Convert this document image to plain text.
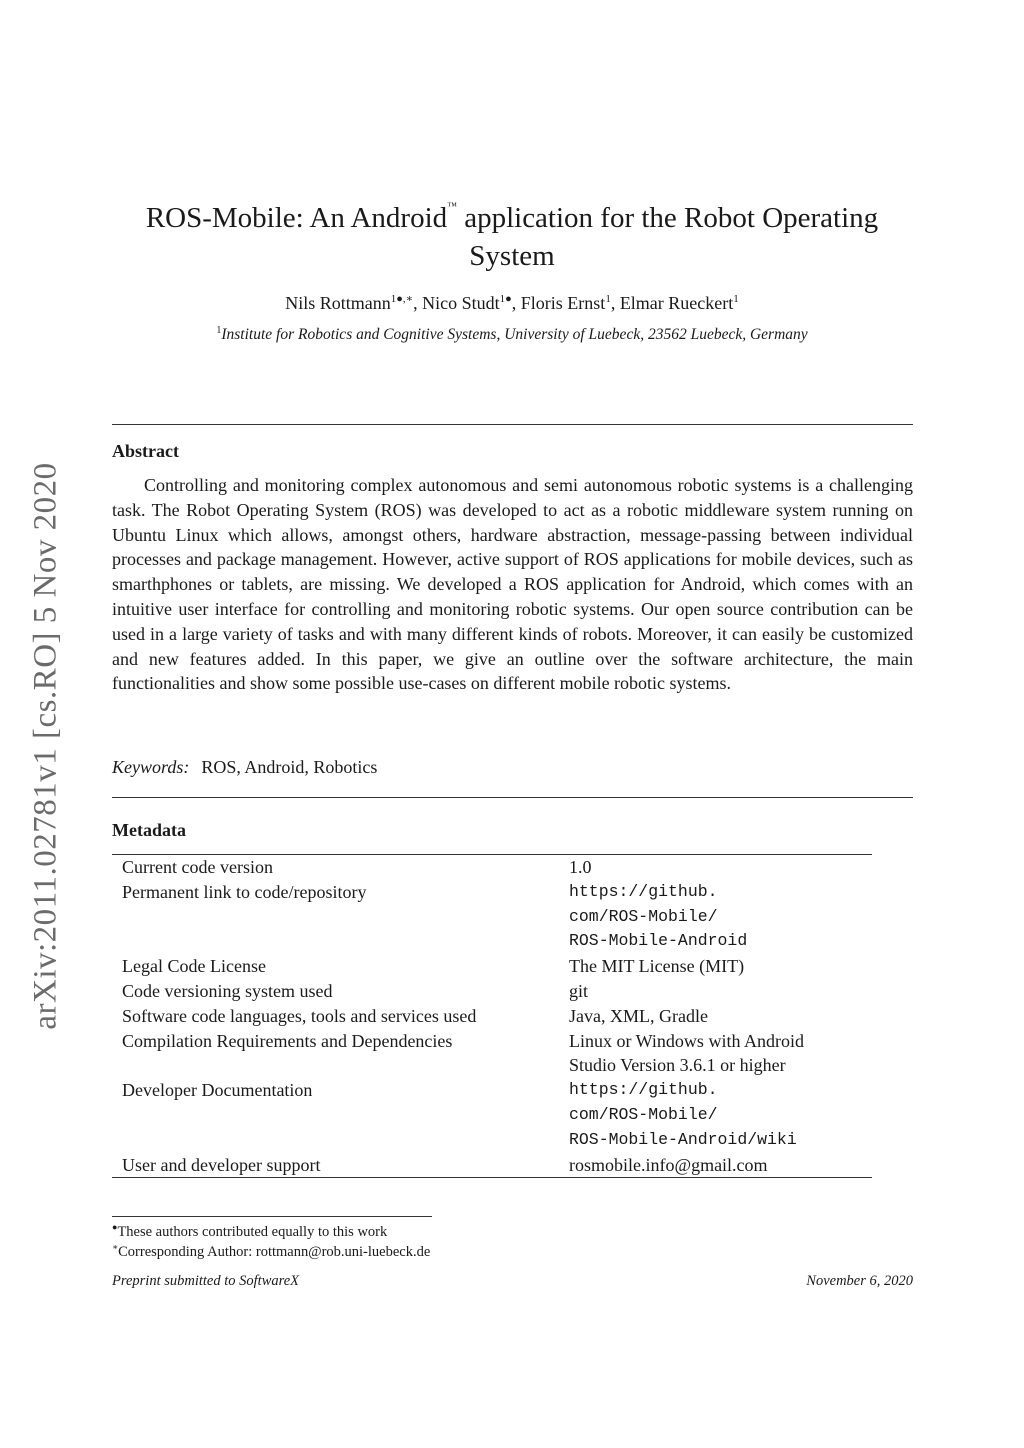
arXiv:2011.02781v1 [cs.RO] 5 Nov 2020
ROS-Mobile: An Android™ application for the Robot Operating
System
Nils Rottmann$^{1●,∗}$, Nico Studt$^{1●}$, Floris Ernst$^1$, Elmar Rueckert$^1$
$^1$Institute for Robotics and Cognitive Systems, University of Luebeck, 23562 Luebeck, Germany
Abstract
Controlling and monitoring complex autonomous and semi autonomous robotic systems is a challenging task. The Robot Operating System (ROS) was developed to act as a robotic middleware system running on Ubuntu Linux which allows, amongst others, hardware abstraction, message-passing between individual processes and package management. However, active support of ROS applications for mobile devices, such as smarthphones or tablets, are missing. We developed a ROS application for Android, which comes with an intuitive user interface for controlling and monitoring robotic systems. Our open source contribution can be used in a large variety of tasks and with many different kinds of robots. Moreover, it can easily be customized and new features added. In this paper, we give an outline over the software architecture, the main functionalities and show some possible use-cases on different mobile robotic systems.
Keywords: ROS, Android, Robotics
Metadata
Current code version	1.0

Permanent link to code/repository	https://github.
com/ROS-Mobile/
ROS-Mobile-Android

Legal Code License	The MIT License (MIT)

Code versioning system used	git

Software code languages, tools and services used	Java, XML, Gradle

Compilation Requirements and Dependencies	Linux or Windows with Android
Studio Version 3.6.1 or higher

Developer Documentation	https://github.
com/ROS-Mobile/
ROS-Mobile-Android/wiki

User and developer support	rosmobile.info@gmail.com
●These authors contributed equally to this work
∗Corresponding Author: rottmann@rob.uni-luebeck.de
Preprint submitted to SoftwareX	November 6, 2020
